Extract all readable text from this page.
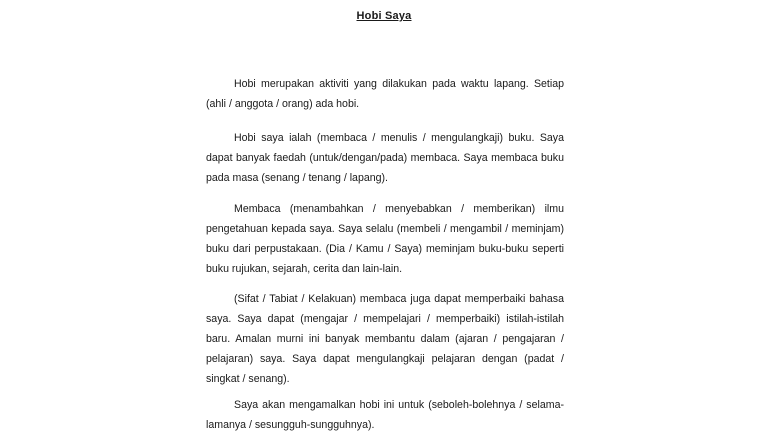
Hobi Saya

Hobi merupakan aktiviti yang dilakukan pada waktu lapang. Setiap (ahli / anggota / orang) ada hobi.

Hobi saya ialah (membaca / menulis / mengulangkaji) buku. Saya dapat banyak faedah (untuk/dengan/pada) membaca. Saya membaca buku pada masa (senang / tenang / lapang).

Membaca (menambahkan / menyebabkan / memberikan) ilmu pengetahuan kepada saya. Saya selalu (membeli / mengambil / meminjam) buku dari perpustakaan. (Dia / Kamu / Saya) meminjam buku-buku seperti buku rujukan, sejarah, cerita dan lain-lain.

(Sifat / Tabiat / Kelakuan) membaca juga dapat memperbaiki bahasa saya. Saya dapat (mengajar / mempelajari / memperbaiki) istilah-istilah baru. Amalan murni ini banyak membantu dalam (ajaran / pengajaran / pelajaran) saya. Saya dapat mengulangkaji pelajaran dengan (padat / singkat / senang).

Saya akan mengamalkan hobi ini untuk (seboleh-bolehnya / selama-lamanya / sesungguh-sungguhnya).
